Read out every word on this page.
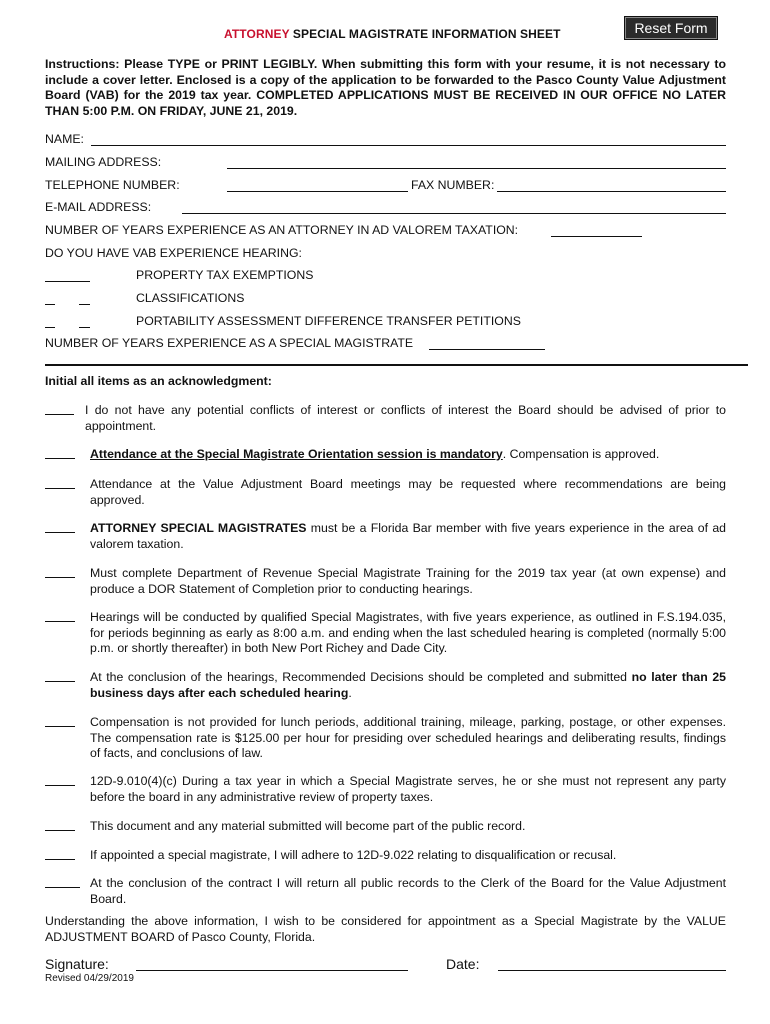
ATTORNEY SPECIAL MAGISTRATE INFORMATION SHEET	Reset Form
Instructions: Please TYPE or PRINT LEGIBLY. When submitting this form with your resume, it is not necessary to include a cover letter. Enclosed is a copy of the application to be forwarded to the Pasco County Value Adjustment Board (VAB) for the 2019 tax year. COMPLETED APPLICATIONS MUST BE RECEIVED IN OUR OFFICE NO LATER THAN 5:00 P.M. ON FRIDAY, JUNE 21, 2019.
NAME:
MAILING ADDRESS:
TELEPHONE NUMBER:	FAX NUMBER:
E-MAIL ADDRESS:
NUMBER OF YEARS EXPERIENCE AS AN ATTORNEY IN AD VALOREM TAXATION:
DO YOU HAVE VAB EXPERIENCE HEARING:
PROPERTY TAX EXEMPTIONS
CLASSIFICATIONS
PORTABILITY ASSESSMENT DIFFERENCE TRANSFER PETITIONS
NUMBER OF YEARS EXPERIENCE AS A SPECIAL MAGISTRATE
Initial all items as an acknowledgment:
I do not have any potential conflicts of interest or conflicts of interest the Board should be advised of prior to appointment.
Attendance at the Special Magistrate Orientation session is mandatory. Compensation is approved.
Attendance at the Value Adjustment Board meetings may be requested where recommendations are being approved.
ATTORNEY SPECIAL MAGISTRATES must be a Florida Bar member with five years experience in the area of ad valorem taxation.
Must complete Department of Revenue Special Magistrate Training for the 2019 tax year (at own expense) and produce a DOR Statement of Completion prior to conducting hearings.
Hearings will be conducted by qualified Special Magistrates, with five years experience, as outlined in F.S.194.035, for periods beginning as early as 8:00 a.m. and ending when the last scheduled hearing is completed (normally 5:00 p.m. or shortly thereafter) in both New Port Richey and Dade City.
At the conclusion of the hearings, Recommended Decisions should be completed and submitted no later than 25 business days after each scheduled hearing.
Compensation is not provided for lunch periods, additional training, mileage, parking, postage, or other expenses. The compensation rate is $125.00 per hour for presiding over scheduled hearings and deliberating results, findings of facts, and conclusions of law.
12D-9.010(4)(c) During a tax year in which a Special Magistrate serves, he or she must not represent any party before the board in any administrative review of property taxes.
This document and any material submitted will become part of the public record.
If appointed a special magistrate, I will adhere to 12D-9.022 relating to disqualification or recusal.
At the conclusion of the contract I will return all public records to the Clerk of the Board for the Value Adjustment Board.
Understanding the above information, I wish to be considered for appointment as a Special Magistrate by the VALUE ADJUSTMENT BOARD of Pasco County, Florida.
Signature:	Date:
Revised 04/29/2019
